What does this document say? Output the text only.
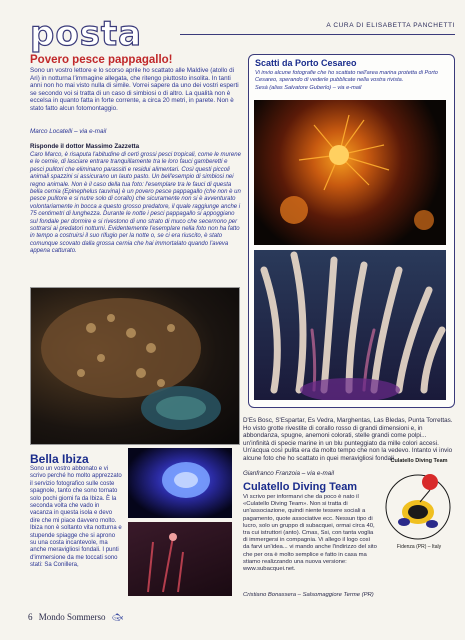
posta	A CURA DI ELISABETTA PANCHETTI
Povero pesce pappagallo!
Sono un vostro lettore e lo scorso aprile ho scattato alle Maldive (atollo di Ari) in notturna l'immagine allegata, che ritengo piuttosto insolita. In tanti anni non ho mai visto nulla di simile. Vorrei sapere da uno dei vostri esperti se secondo voi si tratta di un caso di simbiosi o di altro. La qualità non è eccelsa in quanto fatta in forte corrente, a circa 20 metri, in parete. Non è stato fatto alcun fotomontaggio.
Marco Locatelli – via e-mail
Risponde il dottor Massimo Zazzetta
Caro Marco, è risaputa l'abitudine di certi grossi pesci tropicali, come le murene e le cernie, di lasciare entrare tranquillamente tra le loro fauci gamberetti e pesci pulitori che eliminano parassiti e residui alimentari. Così questi piccoli animali spazzini si assicurano un lauto pasto. Un bell'esempio di simbiosi nei regno animale. Non è il caso della tua foto: l'esemplare tra le fauci di questa bella cernia (Epinephelus tauvina) è un povero pesce pappagallo (che non è un pesce pulitore e si nutre solo di corallo) che sicuramente non si è avventurato volontariamente in bocca a questo grosso predatore, il quale raggiunge anche i 75 centimetri di lunghezza. Durante le notte i pesci pappagallo si appoggiano sul fondale per dormire e si rivestono di uno strato di muco che secernono per sottrarsi ai predatori notturni. Evidentemente l'esemplare nella foto non ha fatto in tempo a costruirsi il suo rifugio per la notte o, se ci era riuscito, è stato comunque scovato dalla grossa cernia che hai immortalato quando l'aveva appena catturato.
Scatti da Porto Cesareo
Vi invio alcune fotografie che ho scattato nell'area marina protetta di Porto Cesareo, sperando di vederle pubblicate nella vostra rivista.
Sesà (alias Salvatore Guberlo) – via e-mail
D'Es Bosc, S'Espartar, Es Vedra, Marghentas, Las Bledas, Punta Torrettas. Ho visto grotte rivestite di corallo rosso di grandi dimensioni e, in abbondanza, spugne, anemoni colorati, stelle grandi come polpi... un'infinità di specie marine in un blu punteggiato da mille colori accesi. Un'acqua così pulita era da molto tempo che non la vedevo. Intanto vi invio alcune foto che ho scattato in quei meravigliosi fondali.
Gianfranco Franzoia – via e-mail
Bella Ibiza
Sono un vostro abbonato e vi scrivo perché ho molto apprezzato il servizio fotografico sulle coste spagnole, tanto che sono tornato solo pochi giorni fa da Ibiza. È la seconda volta che vado in vacanza in questa isola e devo dire che mi piace davvero molto. Ibiza non è soltanto vita notturna e stupende spiagge che si aprono su una costa incantevole, ma anche meravigliosi fondali. I punti d'immersione da me toccati sono stati: Sa Conillera,
Culatello Diving Team
Vi scrivo per informarvi che da poco è nato il «Culatello Diving Team». Non si tratta di un'associazione, quindi niente tessere sociali a pagamento, quote associative ecc. Nessun tipo di lucro, solo un gruppo di subacquei, ormai circa 40, tra cui istruttori (anto). Cmas, Ssi, con tanta voglia di immergersi in compagnia. Vi allego il logo così da farvi un'idea... vi mando anche l'indirizzo del sito che per ora è molto semplice e fatto in casa ma stiamo realizzando una nuova versione: www.subacquei.net.
Cristiano Bonassera – Salsomaggiore Terme (PR)
Culatello Diving Team
Fidenza (PR) – Italy
6 Mondo Sommerso 🐟︎
